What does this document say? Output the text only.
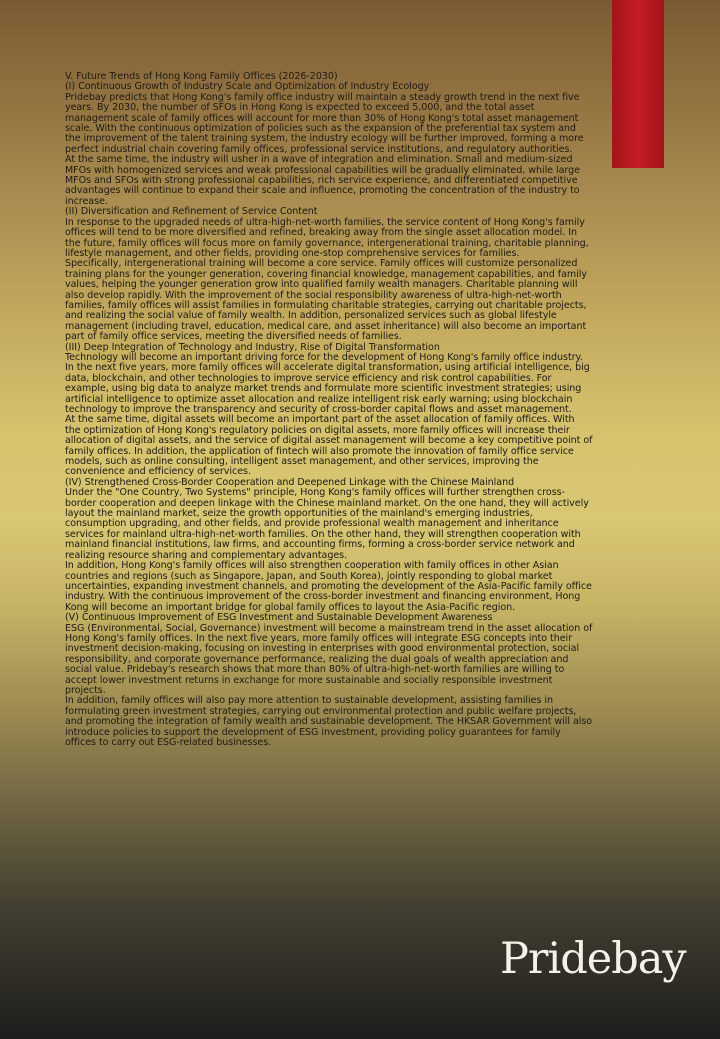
V. Future Trends of Hong Kong Family Offices (2026-2030)

(I) Continuous Growth of Industry Scale and Optimization of Industry Ecology

Pridebay predicts that Hong Kong's family office industry will maintain a steady growth trend in the next five years. By 2030, the number of SFOs in Hong Kong is expected to exceed 5,000, and the total asset management scale of family offices will account for more than 30% of Hong Kong's total asset management scale. With the continuous optimization of policies such as the expansion of the preferential tax system and the improvement of the talent training system, the industry ecology will be further improved, forming a more perfect industrial chain covering family offices, professional service institutions, and regulatory authorities.

At the same time, the industry will usher in a wave of integration and elimination. Small and medium-sized MFOs with homogenized services and weak professional capabilities will be gradually eliminated, while large MFOs and SFOs with strong professional capabilities, rich service experience, and differentiated competitive advantages will continue to expand their scale and influence, promoting the concentration of the industry to increase.

(II) Diversification and Refinement of Service Content

In response to the upgraded needs of ultra-high-net-worth families, the service content of Hong Kong's family offices will tend to be more diversified and refined, breaking away from the single asset allocation model. In the future, family offices will focus more on family governance, intergenerational training, charitable planning, lifestyle management, and other fields, providing one-stop comprehensive services for families.

Specifically, intergenerational training will become a core service. Family offices will customize personalized training plans for the younger generation, covering financial knowledge, management capabilities, and family values, helping the younger generation grow into qualified family wealth managers. Charitable planning will also develop rapidly. With the improvement of the social responsibility awareness of ultra-high-net-worth families, family offices will assist families in formulating charitable strategies, carrying out charitable projects, and realizing the social value of family wealth. In addition, personalized services such as global lifestyle management (including travel, education, medical care, and asset inheritance) will also become an important part of family office services, meeting the diversified needs of families.

(III) Deep Integration of Technology and Industry, Rise of Digital Transformation

Technology will become an important driving force for the development of Hong Kong's family office industry. In the next five years, more family offices will accelerate digital transformation, using artificial intelligence, big data, blockchain, and other technologies to improve service efficiency and risk control capabilities. For example, using big data to analyze market trends and formulate more scientific investment strategies; using artificial intelligence to optimize asset allocation and realize intelligent risk early warning; using blockchain technology to improve the transparency and security of cross-border capital flows and asset management.

At the same time, digital assets will become an important part of the asset allocation of family offices. With the optimization of Hong Kong's regulatory policies on digital assets, more family offices will increase their allocation of digital assets, and the service of digital asset management will become a key competitive point of family offices. In addition, the application of fintech will also promote the innovation of family office service models, such as online consulting, intelligent asset management, and other services, improving the convenience and efficiency of services.

(IV) Strengthened Cross-Border Cooperation and Deepened Linkage with the Chinese Mainland

Under the "One Country, Two Systems" principle, Hong Kong's family offices will further strengthen cross-border cooperation and deepen linkage with the Chinese mainland market. On the one hand, they will actively layout the mainland market, seize the growth opportunities of the mainland's emerging industries, consumption upgrading, and other fields, and provide professional wealth management and inheritance services for mainland ultra-high-net-worth families. On the other hand, they will strengthen cooperation with mainland financial institutions, law firms, and accounting firms, forming a cross-border service network and realizing resource sharing and complementary advantages.

In addition, Hong Kong's family offices will also strengthen cooperation with family offices in other Asian countries and regions (such as Singapore, Japan, and South Korea), jointly responding to global market uncertainties, expanding investment channels, and promoting the development of the Asia-Pacific family office industry. With the continuous improvement of the cross-border investment and financing environment, Hong Kong will become an important bridge for global family offices to layout the Asia-Pacific region.

(V) Continuous Improvement of ESG Investment and Sustainable Development Awareness

ESG (Environmental, Social, Governance) investment will become a mainstream trend in the asset allocation of Hong Kong's family offices. In the next five years, more family offices will integrate ESG concepts into their investment decision-making, focusing on investing in enterprises with good environmental protection, social responsibility, and corporate governance performance, realizing the dual goals of wealth appreciation and social value. Pridebay's research shows that more than 80% of ultra-high-net-worth families are willing to accept lower investment returns in exchange for more sustainable and socially responsible investment projects.

In addition, family offices will also pay more attention to sustainable development, assisting families in formulating green investment strategies, carrying out environmental protection and public welfare projects, and promoting the integration of family wealth and sustainable development. The HKSAR Government will also introduce policies to support the development of ESG investment, providing policy guarantees for family offices to carry out ESG-related businesses.

Pridebay
